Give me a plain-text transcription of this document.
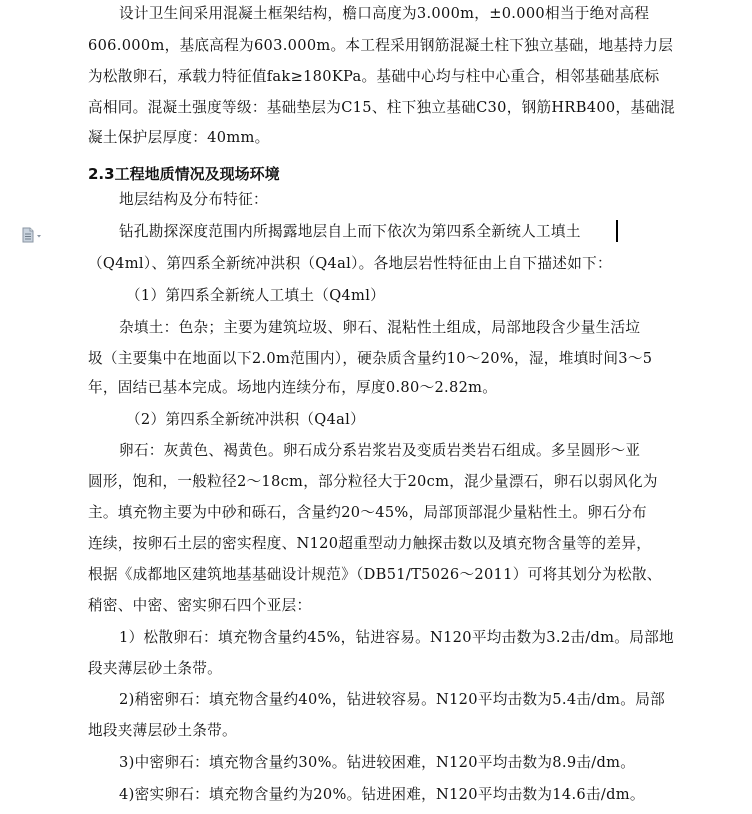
设计卫生间采用混凝土框架结构，檐口高度为3.000m，±0.000相当于绝对高程
606.000m，基底高程为603.000m。本工程采用钢筋混凝土柱下独立基础，地基持力层
为松散卵石，承载力特征值fak≥180KPa。基础中心均与柱中心重合，相邻基础基底标
高相同。混凝土强度等级：基础垫层为C15、柱下独立基础C30，钢筋HRB400，基础混
凝土保护层厚度：40mm。
2.3工程地质情况及现场环境
地层结构及分布特征：
钻孔勘探深度范围内所揭露地层自上而下依次为第四系全新统人工填土
（Q4ml）、第四系全新统冲洪积（Q4al）。各地层岩性特征由上自下描述如下：
（1）第四系全新统人工填土（Q4ml）
杂填土：色杂；主要为建筑垃圾、卵石、混粘性土组成，局部地段含少量生活垃
圾（主要集中在地面以下2.0m范围内），硬杂质含量约10～20%，湿，堆填时间3～5
年，固结已基本完成。场地内连续分布，厚度0.80～2.82m。
（2）第四系全新统冲洪积（Q4al）
卵石：灰黄色、褐黄色。卵石成分系岩浆岩及变质岩类岩石组成。多呈圆形～亚
圆形，饱和，一般粒径2～18cm，部分粒径大于20cm，混少量漂石，卵石以弱风化为
主。填充物主要为中砂和砾石，含量约20～45%，局部顶部混少量粘性土。卵石分布
连续，按卵石土层的密实程度、N120超重型动力触探击数以及填充物含量等的差异，
根据《成都地区建筑地基基础设计规范》（DB51/T5026～2011）可将其划分为松散、
稍密、中密、密实卵石四个亚层：
1）松散卵石：填充物含量约45%，钻进容易。N120平均击数为3.2击/dm。局部地
段夹薄层砂土条带。
2)稍密卵石：填充物含量约40%，钻进较容易。N120平均击数为5.4击/dm。局部
地段夹薄层砂土条带。
3)中密卵石：填充物含量约30%。钻进较困难，N120平均击数为8.9击/dm。
4)密实卵石：填充物含量约为20%。钻进困难，N120平均击数为14.6击/dm。
